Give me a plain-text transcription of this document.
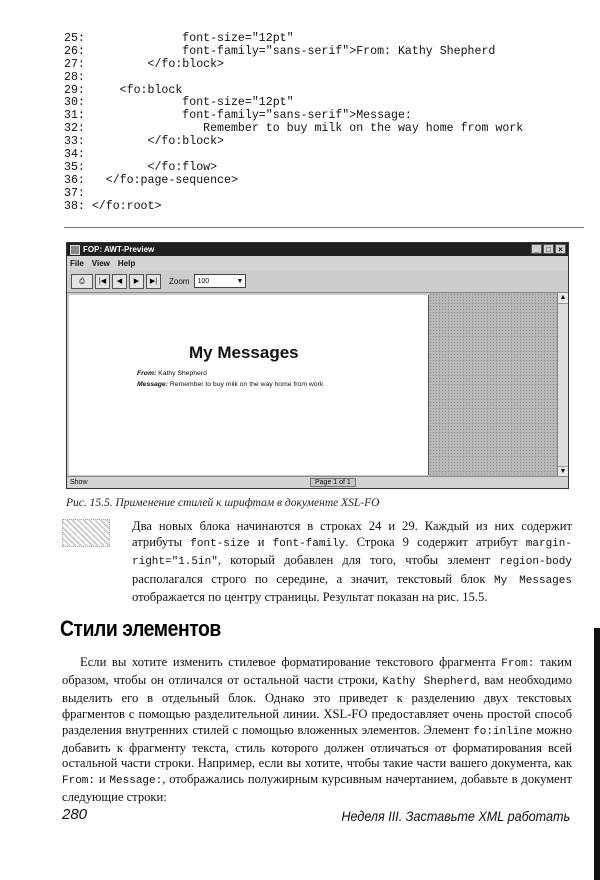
25:              font-size="12pt"
26:              font-family="sans-serif">From: Kathy Shepherd
27:         </fo:block>
28:
29:     <fo:block
30:              font-size="12pt"
31:              font-family="sans-serif">Message:
32:                 Remember to buy milk on the way home from work
33:         </fo:block>
34:
35:         </fo:flow>
36:   </fo:page-sequence>
37:
38: </fo:root>
FOP: AWT-Preview	_ □ ×
File View Help
⎙	|◀	◀	▶	▶|	Zoom 100	▼
My Messages
From: Kathy Shepherd
Message: Remember to buy milk on the way home from work
▲
▼
Show	Page 1 of 1
Рис. 15.5. Применение стилей к шрифтам в документе XSL-FO
Два новых блока начинаются в строках 24 и 29. Каждый из них содержит атрибуты font-size и font-family. Строка 9 содержит атрибут margin-right="1.5in", который добавлен для того, чтобы элемент region-body располагался строго по середине, а значит, текстовый блок My Messages отображается по центру страницы. Результат показан на рис. 15.5.
Стили элементов
Если вы хотите изменить стилевое форматирование текстового фрагмента From: таким образом, чтобы он отличался от остальной части строки, Kathy Shepherd, вам необходимо выделить его в отдельный блок. Однако это приведет к разделению двух текстовых фрагментов с помощью разделительной линии. XSL-FO предоставляет очень простой способ разделения внутренних стилей с помощью вложенных элементов. Элемент fo:inline можно добавить к фрагменту текста, стиль которого должен отличаться от форматирования всей остальной части строки. Например, если вы хотите, чтобы такие части вашего документа, как From: и Message:, отображались полужирным курсивным начертанием, добавьте в документ следующие строки:
280	Неделя III. Заставьте XML работать
